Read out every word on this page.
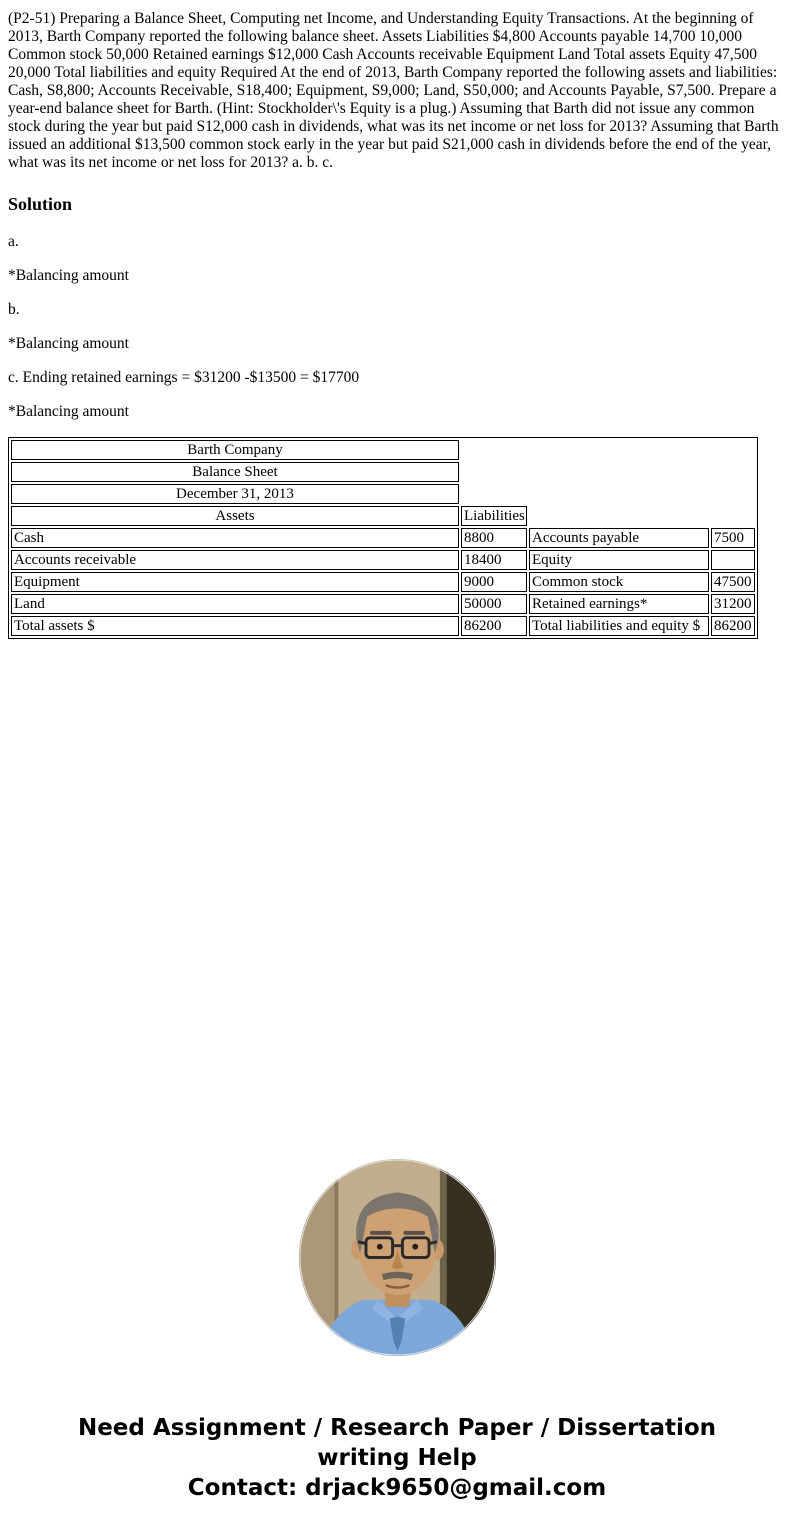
(P2-51) Preparing a Balance Sheet, Computing net Income, and Understanding Equity Transactions. At the beginning of 2013, Barth Company reported the following balance sheet. Assets Liabilities $4,800 Accounts payable 14,700 10,000 Common stock 50,000 Retained earnings $12,000 Cash Accounts receivable Equipment Land Total assets Equity 47,500 20,000 Total liabilities and equity Required At the end of 2013, Barth Company reported the following assets and liabilities: Cash, S8,800; Accounts Receivable, S18,400; Equipment, S9,000; Land, S50,000; and Accounts Payable, S7,500. Prepare a year-end balance sheet for Barth. (Hint: Stockholder\'s Equity is a plug.) Assuming that Barth did not issue any common stock during the year but paid S12,000 cash in dividends, what was its net income or net loss for 2013? Assuming that Barth issued an additional $13,500 common stock early in the year but paid S21,000 cash in dividends before the end of the year, what was its net income or net loss for 2013? a. b. c.

Solution

a.

*Balancing amount

b.

*Balancing amount

c. Ending retained earnings = $31200 -$13500 = $17700

*Balancing amount

Barth Company			
Balance Sheet			
December 31, 2013			
Assets	Liabilities		
Cash	8800	Accounts payable	7500
Accounts receivable	18400	Equity	
Equipment	9000	Common stock	47500
Land	50000	Retained earnings*	31200
Total assets $	86200	Total liabilities and equity $	86200
Need Assignment / Research Paper / Dissertation
writing Help
Contact: drjack9650@gmail.com
